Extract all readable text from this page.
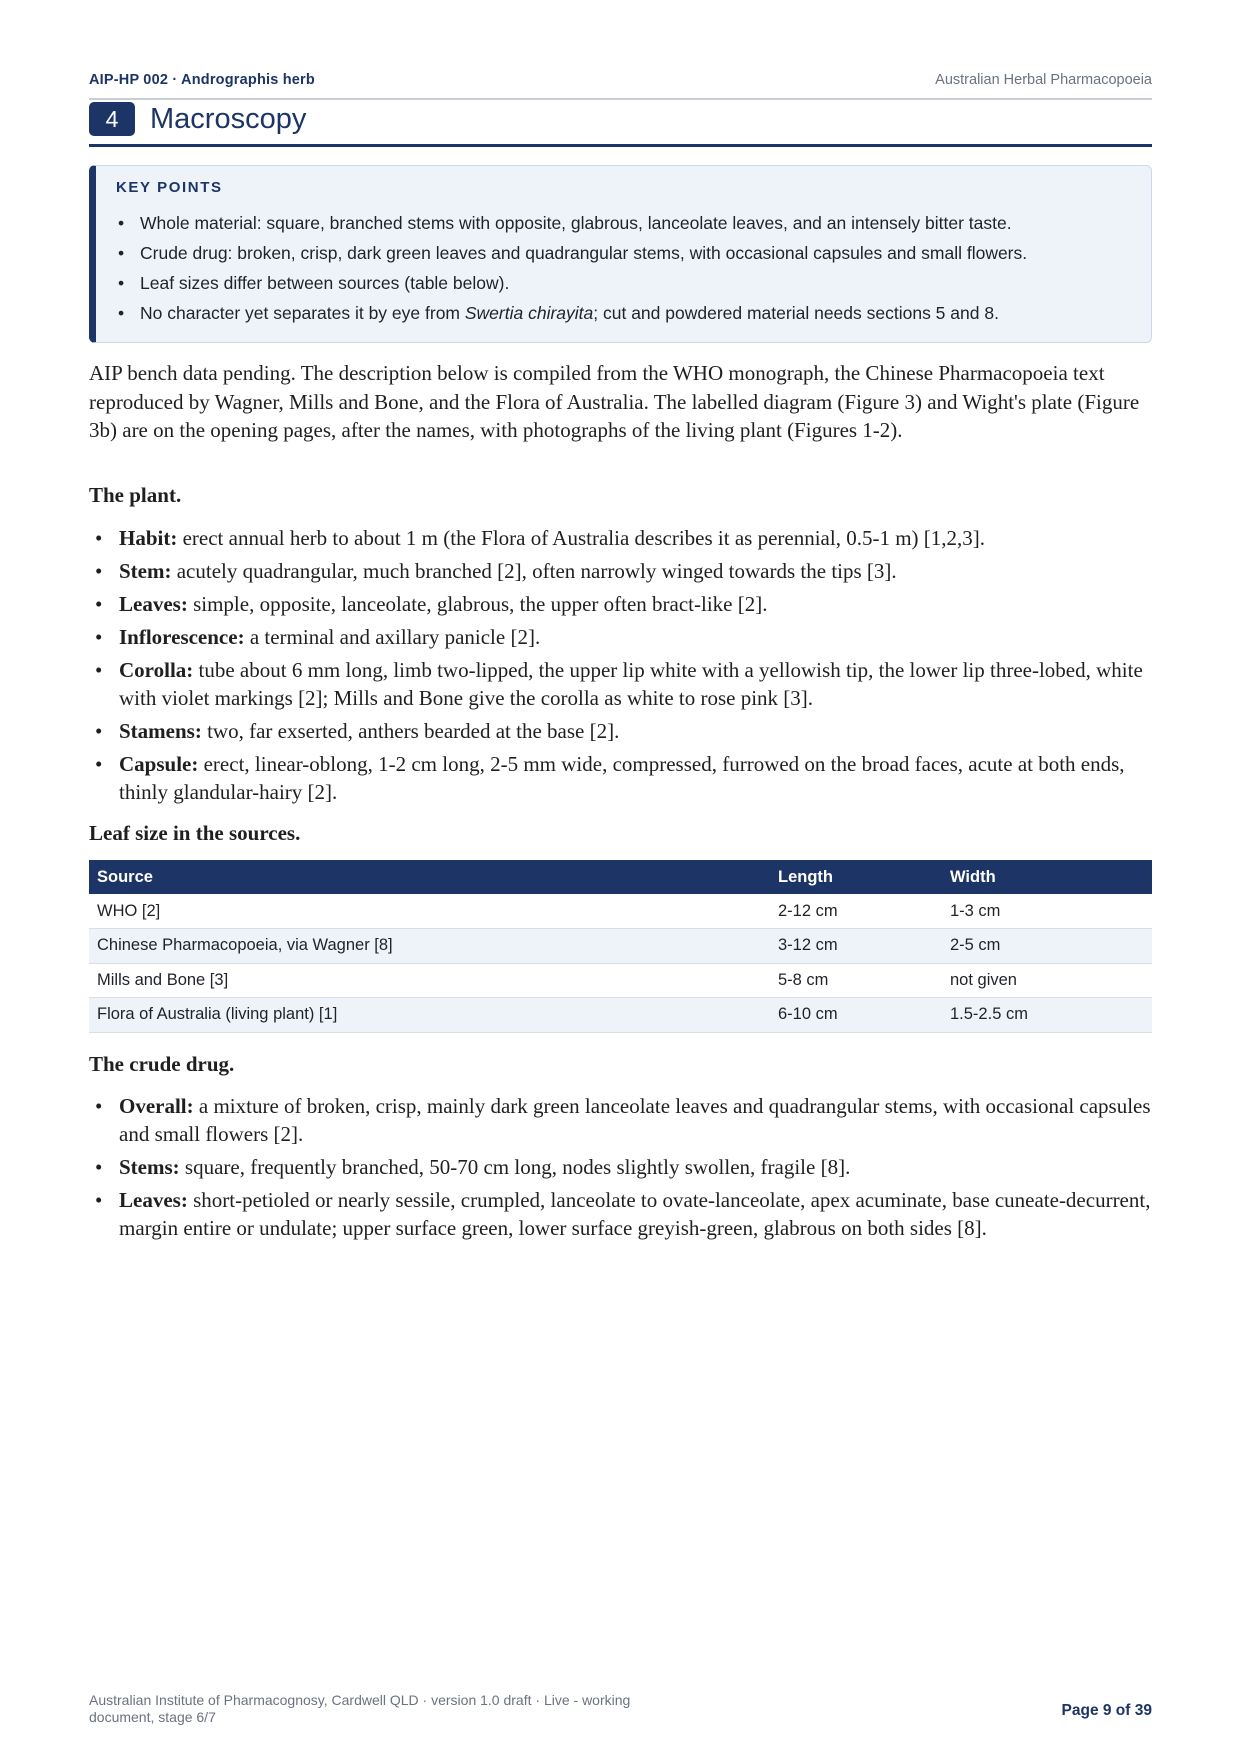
AIP-HP 002 · Andrographis herb	Australian Herbal Pharmacopoeia
4	Macroscopy
KEY POINTS
• Whole material: square, branched stems with opposite, glabrous, lanceolate leaves, and an intensely bitter taste.
• Crude drug: broken, crisp, dark green leaves and quadrangular stems, with occasional capsules and small flowers.
• Leaf sizes differ between sources (table below).
• No character yet separates it by eye from Swertia chirayita; cut and powdered material needs sections 5 and 8.

AIP bench data pending. The description below is compiled from the WHO monograph, the Chinese Pharmacopoeia text reproduced by Wagner, Mills and Bone, and the Flora of Australia. The labelled diagram (Figure 3) and Wight's plate (Figure 3b) are on the opening pages, after the names, with photographs of the living plant (Figures 1-2).

The plant.
• Habit: erect annual herb to about 1 m (the Flora of Australia describes it as perennial, 0.5-1 m) [1,2,3].
• Stem: acutely quadrangular, much branched [2], often narrowly winged towards the tips [3].
• Leaves: simple, opposite, lanceolate, glabrous, the upper often bract-like [2].
• Inflorescence: a terminal and axillary panicle [2].
• Corolla: tube about 6 mm long, limb two-lipped, the upper lip white with a yellowish tip, the lower lip three-lobed, white with violet markings [2]; Mills and Bone give the corolla as white to rose pink [3].
• Stamens: two, far exserted, anthers bearded at the base [2].
• Capsule: erect, linear-oblong, 1-2 cm long, 2-5 mm wide, compressed, furrowed on the broad faces, acute at both ends, thinly glandular-hairy [2].
Leaf size in the sources.
Source	Length	Width
WHO [2]	2-12 cm	1-3 cm
Chinese Pharmacopoeia, via Wagner [8]	3-12 cm	2-5 cm
Mills and Bone [3]	5-8 cm	not given
Flora of Australia (living plant) [1]	6-10 cm	1.5-2.5 cm
The crude drug.
• Overall: a mixture of broken, crisp, mainly dark green lanceolate leaves and quadrangular stems, with occasional capsules and small flowers [2].
• Stems: square, frequently branched, 50-70 cm long, nodes slightly swollen, fragile [8].
• Leaves: short-petioled or nearly sessile, crumpled, lanceolate to ovate-lanceolate, apex acuminate, base cuneate-decurrent, margin entire or undulate; upper surface green, lower surface greyish-green, glabrous on both sides [8].
Australian Institute of Pharmacognosy, Cardwell QLD · version 1.0 draft · Live - working document, stage 6/7	Page 9 of 39
